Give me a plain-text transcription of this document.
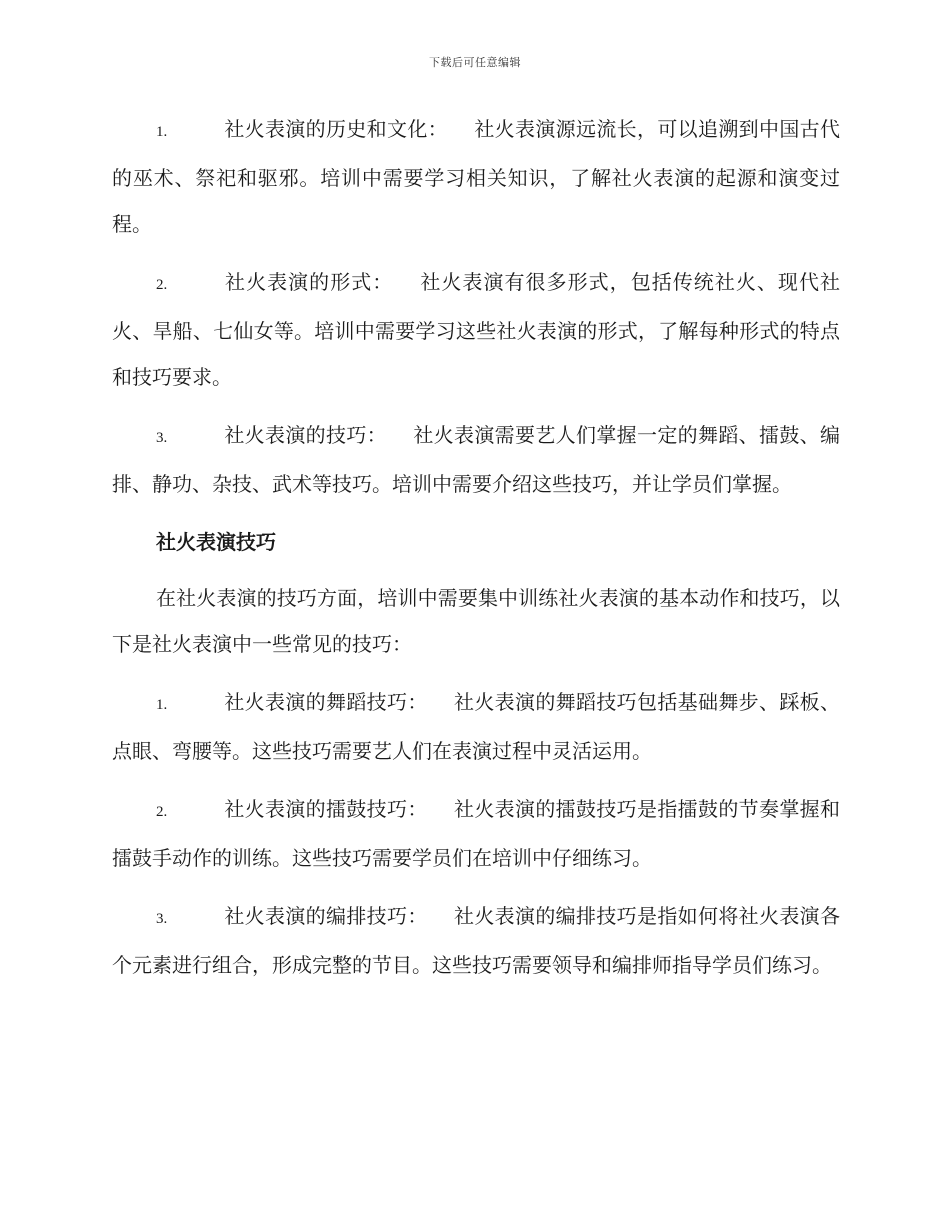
下载后可任意编辑
1.	社火表演的历史和文化： 社火表演源远流长，可以追溯到中国古代的巫术、祭祀和驱邪。培训中需要学习相关知识，了解社火表演的起源和演变过程。
2.	社火表演的形式： 社火表演有很多形式，包括传统社火、现代社火、旱船、七仙女等。培训中需要学习这些社火表演的形式，了解每种形式的特点和技巧要求。
3.	社火表演的技巧： 社火表演需要艺人们掌握一定的舞蹈、擂鼓、编排、静功、杂技、武术等技巧。培训中需要介绍这些技巧，并让学员们掌握。
社火表演技巧
在社火表演的技巧方面，培训中需要集中训练社火表演的基本动作和技巧，以下是社火表演中一些常见的技巧：
1.	社火表演的舞蹈技巧： 社火表演的舞蹈技巧包括基础舞步、踩板、点眼、弯腰等。这些技巧需要艺人们在表演过程中灵活运用。
2.	社火表演的擂鼓技巧： 社火表演的擂鼓技巧是指擂鼓的节奏掌握和擂鼓手动作的训练。这些技巧需要学员们在培训中仔细练习。
3.	社火表演的编排技巧： 社火表演的编排技巧是指如何将社火表演各个元素进行组合，形成完整的节目。这些技巧需要领导和编排师指导学员们练习。
